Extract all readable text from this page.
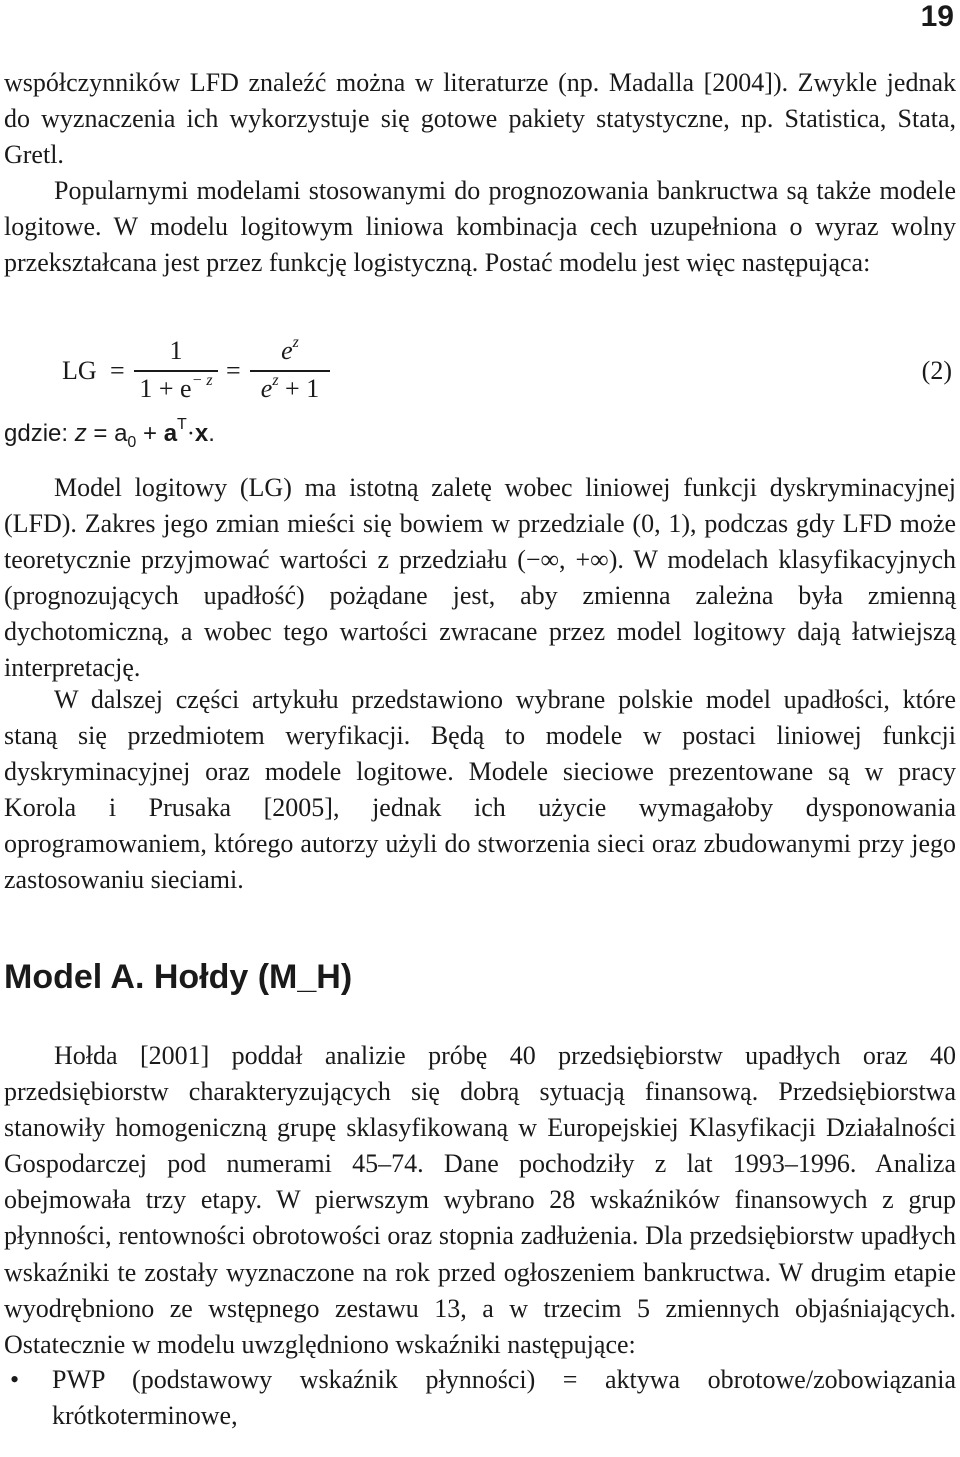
19

współczynników LFD znaleźć można w literaturze (np. Madalla [2004]). Zwykle jednak do wyznaczenia ich wykorzystuje się gotowe pakiety statystyczne, np. Statistica, Stata, Gretl.

Popularnymi modelami stosowanymi do prognozowania bankructwa są także modele logitowe. W modelu logitowym liniowa kombinacja cech uzupełniona o wyraz wolny przekształcana jest przez funkcję logistyczną. Postać modelu jest więc następująca:

LG =
1
$1 + e^{- z}$ =
$e^z$
$e^z + 1$
(2)
gdzie: $z = a_0 + a^T\cdot x$.

Model logitowy (LG) ma istotną zaletę wobec liniowej funkcji dyskryminacyjnej (LFD). Zakres jego zmian mieści się bowiem w przedziale (0, 1), podczas gdy LFD może teoretycznie przyjmować wartości z przedziału (−∞, +∞). W modelach klasyfikacyjnych (prognozujących upadłość) pożądane jest, aby zmienna zależna była zmienną dychotomiczną, a wobec tego wartości zwracane przez model logitowy dają łatwiejszą interpretację.

W dalszej części artykułu przedstawiono wybrane polskie model upadłości, które staną się przedmiotem weryfikacji. Będą to modele w postaci liniowej funkcji dyskryminacyjnej oraz modele logitowe. Modele sieciowe prezentowane są w pracy Korola i Prusaka [2005], jednak ich użycie wymagałoby dysponowania oprogramowaniem, którego autorzy użyli do stworzenia sieci oraz zbudowanymi przy jego zastosowaniu sieciami.

Model A. Hołdy (M_H)

Hołda [2001] poddał analizie próbę 40 przedsiębiorstw upadłych oraz 40 przedsiębiorstw charakteryzujących się dobrą sytuacją finansową. Przedsiębiorstwa stanowiły homogeniczną grupę sklasyfikowaną w Europejskiej Klasyfikacji Działalności Gospodarczej pod numerami 45–74. Dane pochodziły z lat 1993–1996. Analiza obejmowała trzy etapy. W pierwszym wybrano 28 wskaźników finansowych z grup płynności, rentowności obrotowości oraz stopnia zadłużenia. Dla przedsiębiorstw upadłych wskaźniki te zostały wyznaczone na rok przed ogłoszeniem bankructwa. W drugim etapie wyodrębniono ze wstępnego zestawu 13, a w trzecim 5 zmiennych objaśniających. Ostatecznie w modelu uwzględniono wskaźniki następujące:

• PWP (podstawowy wskaźnik płynności) = aktywa obrotowe/zobowiązania krótkoterminowe,
